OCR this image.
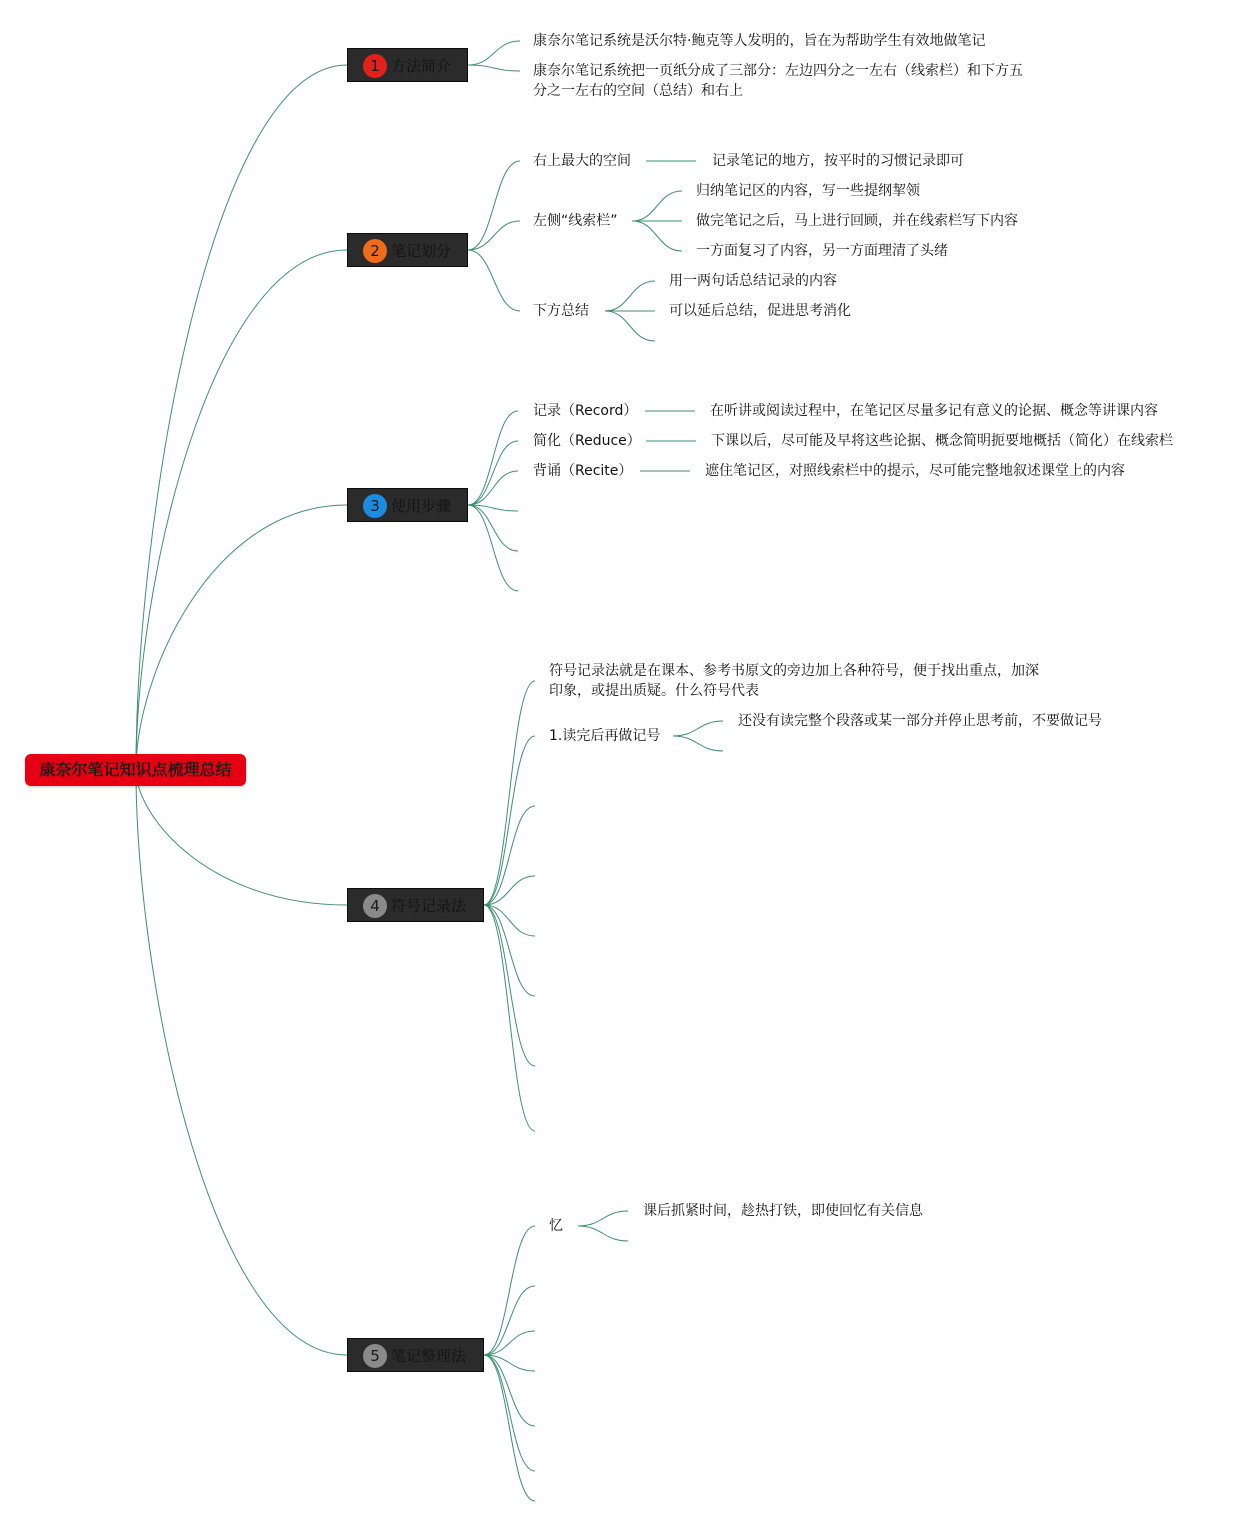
康奈尔笔记知识点梳理总结
1 方法简介
2 笔记划分
3 使用步骤
4 符号记录法
5 笔记整理法
康奈尔笔记系统是沃尔特·鲍克等人发明的，旨在为帮助学生有效地做笔记
康奈尔笔记系统把一页纸分成了三部分：左边四分之一左右（线索栏）和下方五
分之一左右的空间（总结）和右上
右上最大的空间	记录笔记的地方，按平时的习惯记录即可
左侧“线索栏”
归纳笔记区的内容，写一些提纲挈领
做完笔记之后，马上进行回顾，并在线索栏写下内容
一方面复习了内容，另一方面理清了头绪
下方总结
用一两句话总结记录的内容
可以延后总结，促进思考消化
记录（Record）	在听讲或阅读过程中，在笔记区尽量多记有意义的论据、概念等讲课内容
简化（Reduce）	下课以后，尽可能及早将这些论据、概念简明扼要地概括（简化）在线索栏
背诵（Recite）	遮住笔记区，对照线索栏中的提示，尽可能完整地叙述课堂上的内容
符号记录法就是在课本、参考书原文的旁边加上各种符号，便于找出重点，加深
印象，或提出质疑。什么符号代表
1.读完后再做记号
还没有读完整个段落或某一部分并停止思考前，不要做记号
忆
课后抓紧时间，趁热打铁，即使回忆有关信息
